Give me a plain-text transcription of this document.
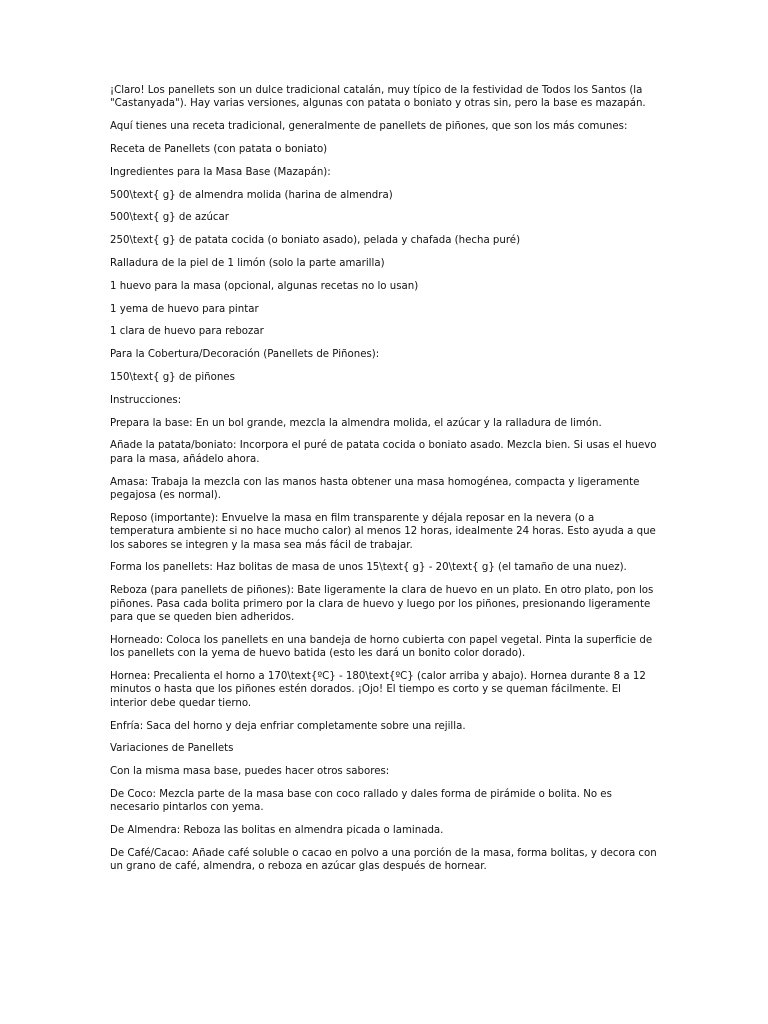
¡Claro! Los panellets son un dulce tradicional catalán, muy típico de la festividad de Todos los Santos (la "Castanyada"). Hay varias versiones, algunas con patata o boniato y otras sin, pero la base es mazapán.

Aquí tienes una receta tradicional, generalmente de panellets de piñones, que son los más comunes:

Receta de Panellets (con patata o boniato)

Ingredientes para la Masa Base (Mazapán):

500\text{ g} de almendra molida (harina de almendra)

500\text{ g} de azúcar

250\text{ g} de patata cocida (o boniato asado), pelada y chafada (hecha puré)

Ralladura de la piel de 1 limón (solo la parte amarilla)

1 huevo para la masa (opcional, algunas recetas no lo usan)

1 yema de huevo para pintar

1 clara de huevo para rebozar

Para la Cobertura/Decoración (Panellets de Piñones):

150\text{ g} de piñones

Instrucciones:

Prepara la base: En un bol grande, mezcla la almendra molida, el azúcar y la ralladura de limón.

Añade la patata/boniato: Incorpora el puré de patata cocida o boniato asado. Mezcla bien. Si usas el huevo para la masa, añádelo ahora.

Amasa: Trabaja la mezcla con las manos hasta obtener una masa homogénea, compacta y ligeramente pegajosa (es normal).

Reposo (importante): Envuelve la masa en film transparente y déjala reposar en la nevera (o a temperatura ambiente si no hace mucho calor) al menos 12 horas, idealmente 24 horas. Esto ayuda a que los sabores se integren y la masa sea más fácil de trabajar.

Forma los panellets: Haz bolitas de masa de unos 15\text{ g} - 20\text{ g} (el tamaño de una nuez).

Reboza (para panellets de piñones): Bate ligeramente la clara de huevo en un plato. En otro plato, pon los piñones. Pasa cada bolita primero por la clara de huevo y luego por los piñones, presionando ligeramente para que se queden bien adheridos.

Horneado: Coloca los panellets en una bandeja de horno cubierta con papel vegetal. Pinta la superficie de los panellets con la yema de huevo batida (esto les dará un bonito color dorado).

Hornea: Precalienta el horno a 170\text{ºC} - 180\text{ºC} (calor arriba y abajo). Hornea durante 8 a 12 minutos o hasta que los piñones estén dorados. ¡Ojo! El tiempo es corto y se queman fácilmente. El interior debe quedar tierno.

Enfría: Saca del horno y deja enfriar completamente sobre una rejilla.

Variaciones de Panellets

Con la misma masa base, puedes hacer otros sabores:

De Coco: Mezcla parte de la masa base con coco rallado y dales forma de pirámide o bolita. No es necesario pintarlos con yema.

De Almendra: Reboza las bolitas en almendra picada o laminada.

De Café/Cacao: Añade café soluble o cacao en polvo a una porción de la masa, forma bolitas, y decora con un grano de café, almendra, o reboza en azúcar glas después de hornear.
